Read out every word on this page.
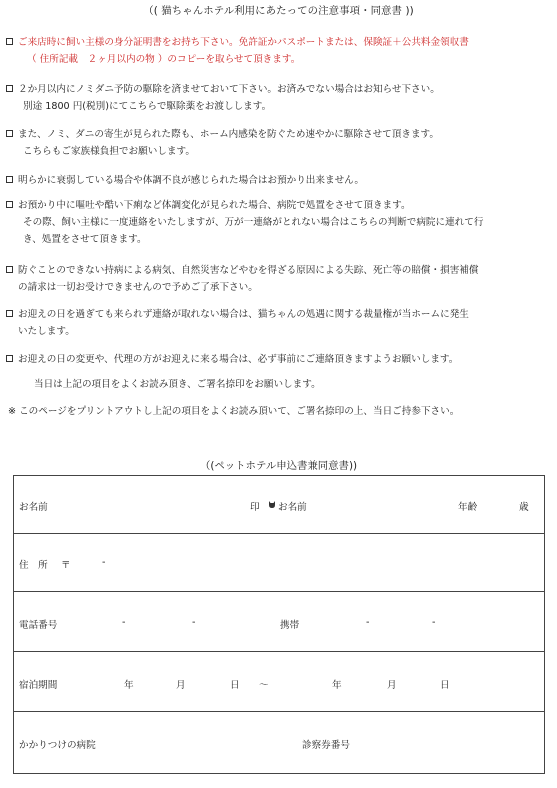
（( 猫ちゃんホテル利用にあたっての注意事項・同意書 ))
ご来店時に飼い主様の身分証明書をお持ち下さい。免許証かパスポートまたは、保険証＋公共料金領収書
（ 住所記載　２ヶ月以内の物 ）のコピーを取らせて頂きます。
２か月以内にノミダニ予防の駆除を済ませておいて下さい。お済みでない場合はお知らせ下さい。
別途 1800 円(税別)にてこちらで駆除薬をお渡しします。
また、ノミ、ダニの寄生が見られた際も、ホーム内感染を防ぐため速やかに駆除させて頂きます。
こちらもご家族様負担でお願いします。
明らかに衰弱している場合や体調不良が感じられた場合はお預かり出来ません。
お預かり中に嘔吐や酷い下痢など体調変化が見られた場合、病院で処置をさせて頂きます。
その際、飼い主様に一度連絡をいたしますが、万が一連絡がとれない場合はこちらの判断で病院に連れて行
き、処置をさせて頂きます。
防ぐことのできない持病による病気、自然災害などやむを得ざる原因による失踪、死亡等の賠償・損害補償
の請求は一切お受けできませんので予めご了承下さい。
お迎えの日を過ぎても来られず連絡が取れない場合は、猫ちゃんの処遇に関する裁量権が当ホームに発生
いたします。
お迎えの日の変更や、代理の方がお迎えに来る場合は、必ず事前にご連絡頂きますようお願いします。
当日は上記の項目をよくお読み頂き、ご署名捺印をお願いします。
※ このページをプリントアウトし上記の項目をよくお読み頂いて、ご署名捺印の上、当日ご持参下さい。
（(ペットホテル申込書兼同意書))
お名前	印 お名前	年齢	歳
住　所 〒	-
電話番号	-	-	携帯	-	-
宿泊期間	年	月	日 ～	年	月	日
かかりつけの病院	診察券番号
